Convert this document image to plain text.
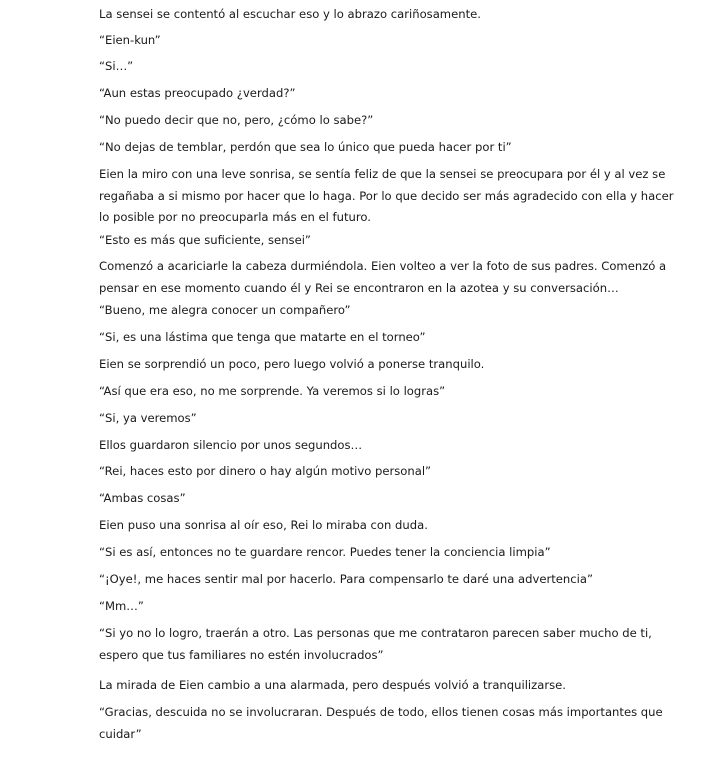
La sensei se contentó al escuchar eso y lo abrazo cariñosamente.

“Eien-kun”

“Si…”

“Aun estas preocupado ¿verdad?”

“No puedo decir que no, pero, ¿cómo lo sabe?”

“No dejas de temblar, perdón que sea lo único que pueda hacer por ti”

Eien la miro con una leve sonrisa, se sentía feliz de que la sensei se preocupara por él y al vez se
regañaba a si mismo por hacer que lo haga. Por lo que decido ser más agradecido con ella y hacer
lo posible por no preocuparla más en el futuro.

“Esto es más que suficiente, sensei”

Comenzó a acariciarle la cabeza durmiéndola. Eien volteo a ver la foto de sus padres. Comenzó a
pensar en ese momento cuando él y Rei se encontraron en la azotea y su conversación…

“Bueno, me alegra conocer un compañero”

“Si, es una lástima que tenga que matarte en el torneo”

Eien se sorprendió un poco, pero luego volvió a ponerse tranquilo.

“Así que era eso, no me sorprende. Ya veremos si lo logras”

“Si, ya veremos”

Ellos guardaron silencio por unos segundos…

“Rei, haces esto por dinero o hay algún motivo personal”

“Ambas cosas”

Eien puso una sonrisa al oír eso, Rei lo miraba con duda.

“Si es así, entonces no te guardare rencor. Puedes tener la conciencia limpia”

“¡Oye!, me haces sentir mal por hacerlo. Para compensarlo te daré una advertencia”

“Mm…”

“Si yo no lo logro, traerán a otro. Las personas que me contrataron parecen saber mucho de ti,
espero que tus familiares no estén involucrados”

La mirada de Eien cambio a una alarmada, pero después volvió a tranquilizarse.

“Gracias, descuida no se involucraran. Después de todo, ellos tienen cosas más importantes que
cuidar”
